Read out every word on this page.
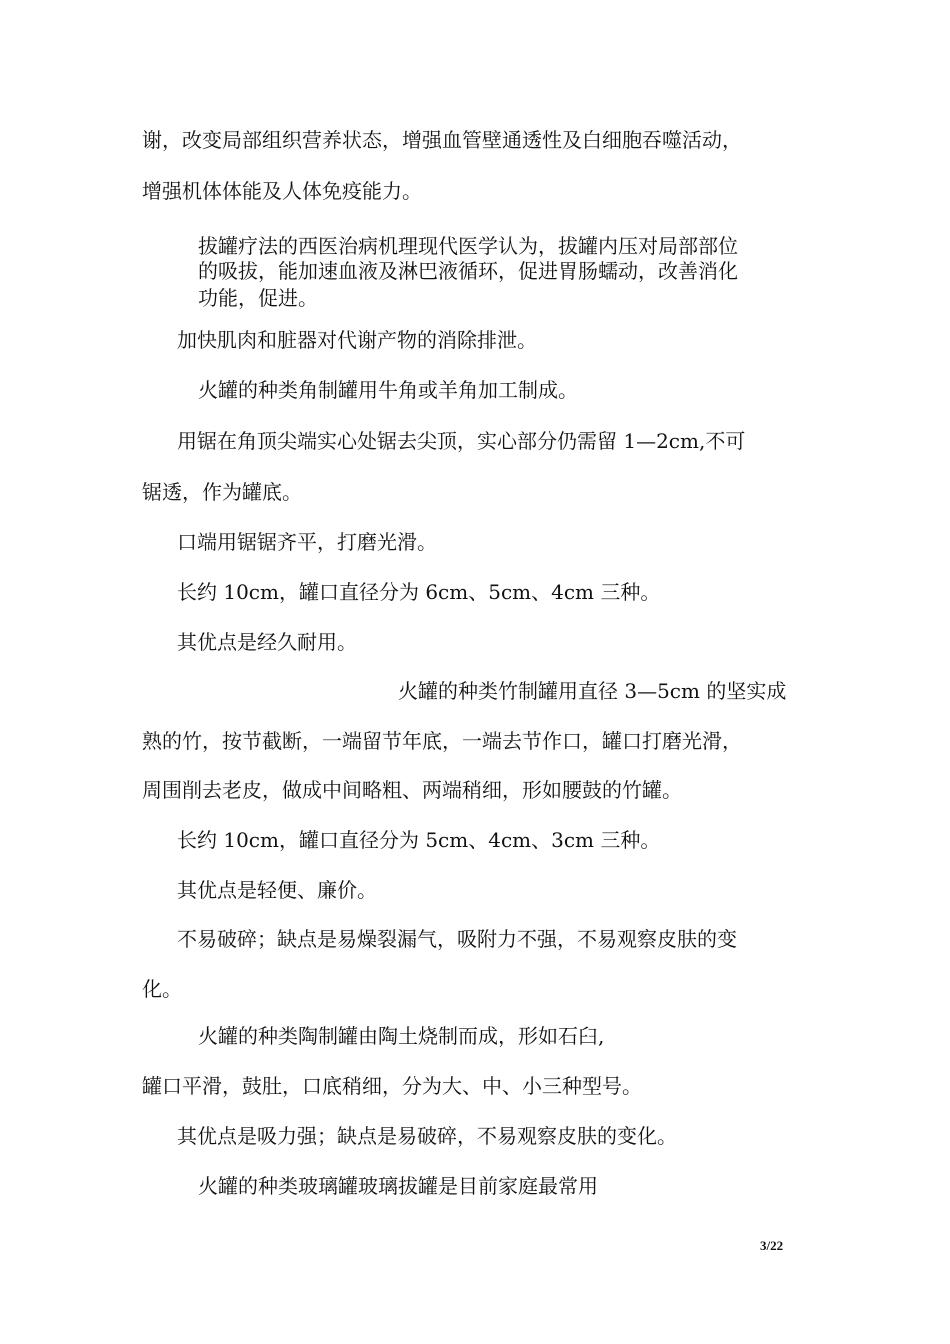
谢，改变局部组织营养状态，增强血管壁通透性及白细胞吞噬活动，

增强机体体能及人体免疫能力。

拔罐疗法的西医治病机理现代医学认为，拔罐内压对局部部位

的吸拔，能加速血液及淋巴液循环，促进胃肠蠕动，改善消化

功能，促进。

加快肌肉和脏器对代谢产物的消除排泄。

火罐的种类角制罐用牛角或羊角加工制成。

用锯在角顶尖端实心处锯去尖顶，实心部分仍需留 1—2cm,不可

锯透，作为罐底。

口端用锯锯齐平，打磨光滑。

长约 10cm，罐口直径分为 6cm、5cm、4cm 三种。

其优点是经久耐用。

火罐的种类竹制罐用直径 3—5cm 的坚实成

熟的竹，按节截断，一端留节年底，一端去节作口，罐口打磨光滑，

周围削去老皮，做成中间略粗、两端稍细，形如腰鼓的竹罐。

长约 10cm，罐口直径分为 5cm、4cm、3cm 三种。

其优点是轻便、廉价。

不易破碎；缺点是易燥裂漏气，吸附力不强，不易观察皮肤的变

化。

火罐的种类陶制罐由陶土烧制而成，形如石臼,

罐口平滑，鼓肚，口底稍细，分为大、中、小三种型号。

其优点是吸力强；缺点是易破碎，不易观察皮肤的变化。

火罐的种类玻璃罐玻璃拔罐是目前家庭最常用

3/22
